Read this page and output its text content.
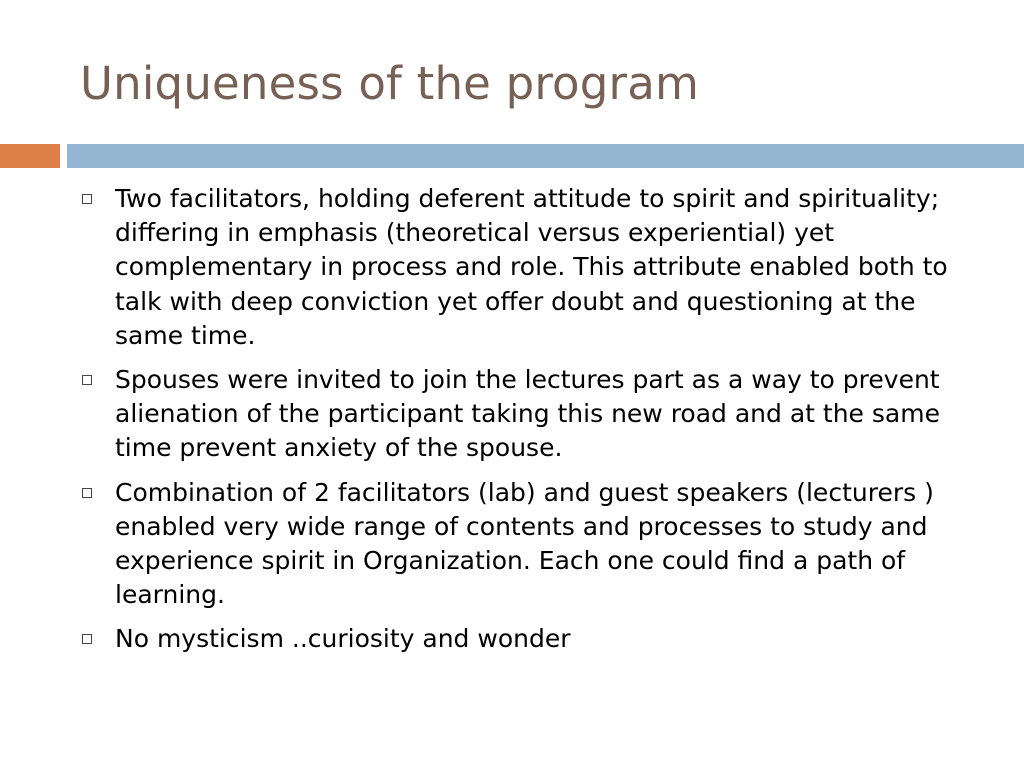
Uniqueness of the program
Two facilitators, holding deferent attitude to spirit and spirituality; differing in emphasis (theoretical versus experiential) yet complementary in process and role. This attribute enabled both to talk with deep conviction yet offer doubt and questioning at the same time.
Spouses were invited to join the lectures part as a way to prevent alienation of the participant taking this new road and at the same time prevent anxiety of the spouse.
Combination of 2 facilitators (lab) and guest speakers (lecturers ) enabled very wide range of contents and processes to study and experience spirit in Organization. Each one could find a path of learning.
No mysticism ..curiosity and wonder
